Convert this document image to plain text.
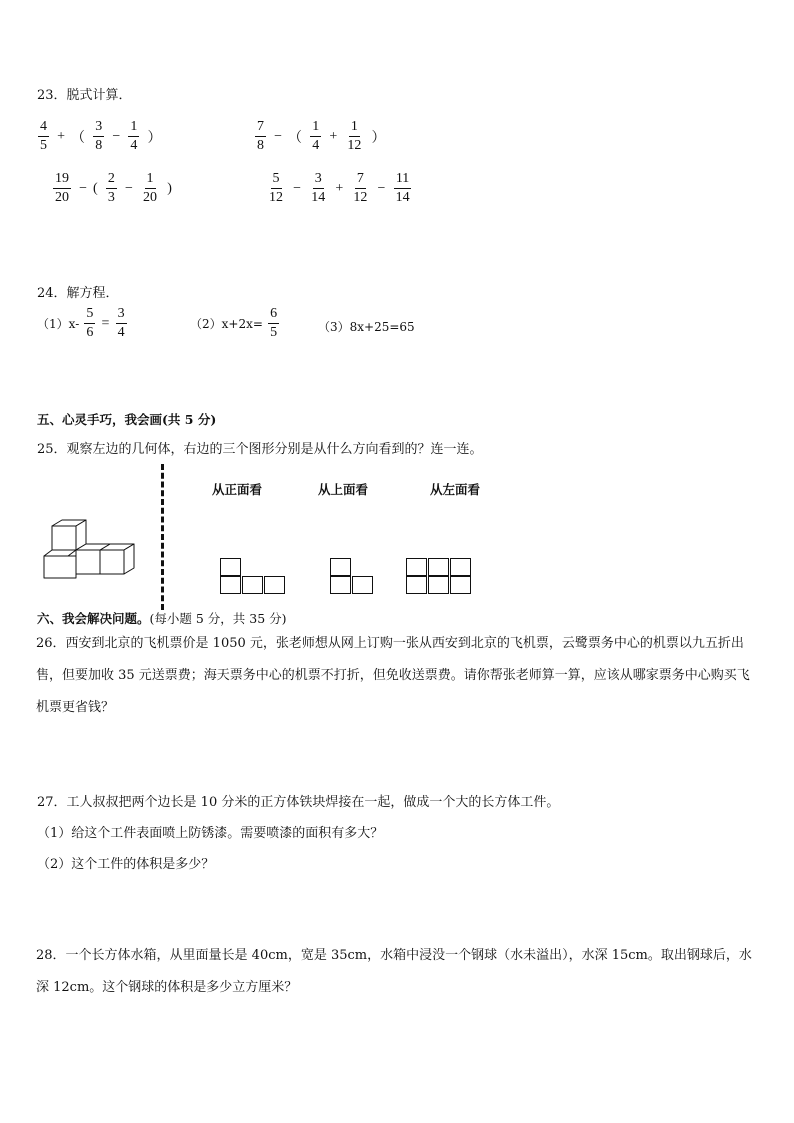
23．脱式计算．
$\frac{4}{5}$ + （ $\frac{3}{8} - \frac{1}{4}$ ）	$\frac{7}{8}$ − （ $\frac{1}{4} + \frac{1}{12}$ ）
$\frac{19}{20}$ − ( $\frac{2}{3} - \frac{1}{20}$ )	$\frac{5}{12} - \frac{3}{14} + \frac{7}{12} - \frac{11}{14}$
24．解方程．
$(1)x- \frac{5}{6} = \frac{3}{4}$	$(2)x+2x= \frac{6}{5}$	（3）8x+25=65
五、心灵手巧，我会画(共 5 分)
25．观察左边的几何体，右边的三个图形分别是从什么方向看到的？连一连。
从正面看	从上面看	从左面看
六、我会解决问题。(每小题 5 分，共 35 分)
26．西安到北京的飞机票价是 1050 元，张老师想从网上订购一张从西安到北京的飞机票，云鹭票务中心的机票以九五折出售，但要加收 35 元送票费；海天票务中心的机票不打折，但免收送票费。请你帮张老师算一算，应该从哪家票务中心购买飞机票更省钱？
27．工人叔叔把两个边长是 10 分米的正方体铁块焊接在一起，做成一个大的长方体工件。
（1）给这个工件表面喷上防锈漆。需要喷漆的面积有多大？
（2）这个工件的体积是多少？
28．一个长方体水箱，从里面量长是 40cm，宽是 35cm，水箱中浸没一个钢球（水未溢出），水深 15cm。取出钢球后，水深 12cm。这个钢球的体积是多少立方厘米？
